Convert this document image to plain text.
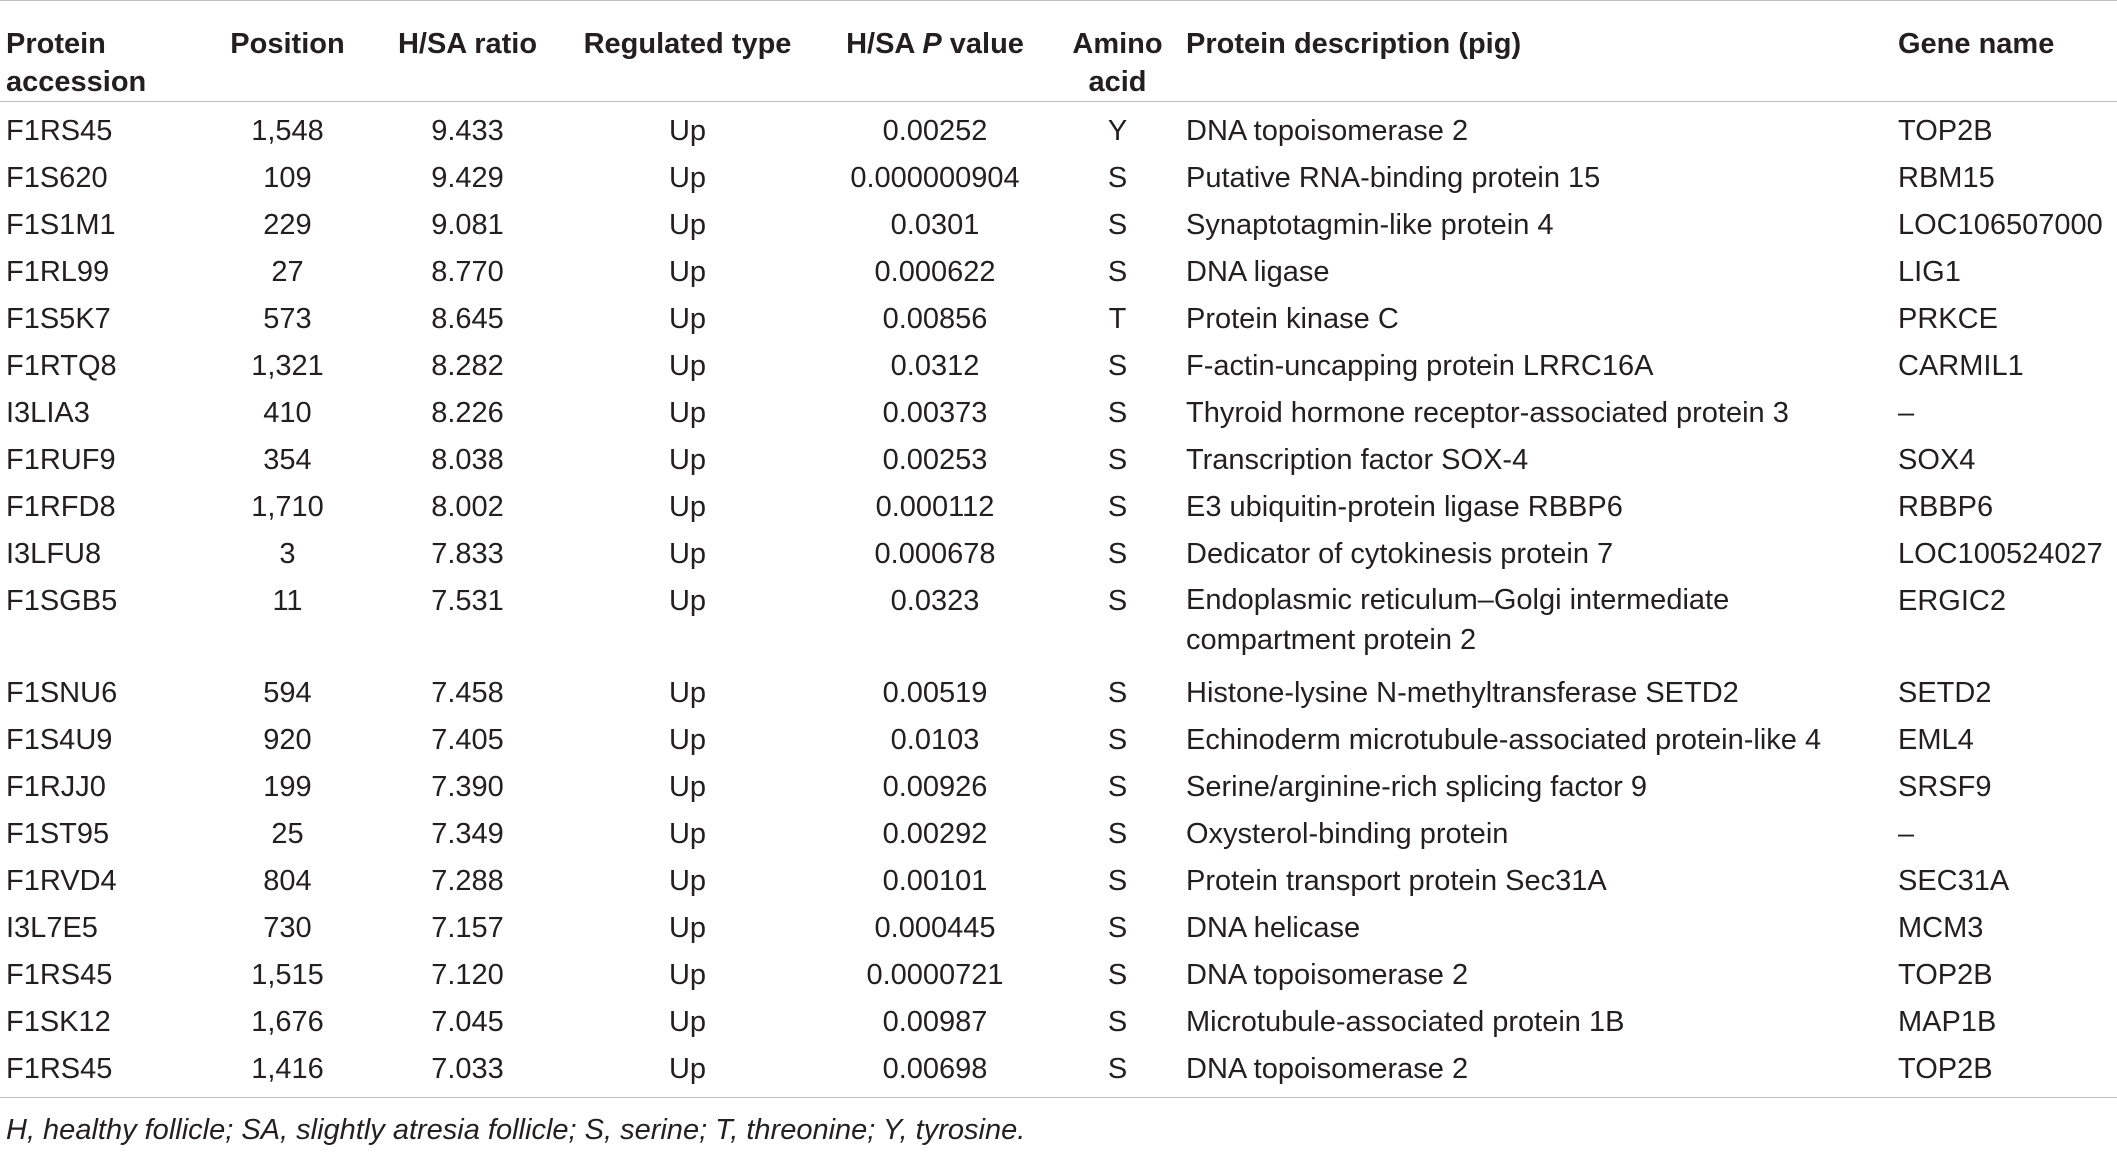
Protein accession	Position	H/SA ratio	Regulated type	H/SA P value	Amino acid	Protein description (pig)	Gene name
F1RS45	1,548	9.433	Up	0.00252	Y	DNA topoisomerase 2	TOP2B
F1S620	109	9.429	Up	0.000000904	S	Putative RNA-binding protein 15	RBM15
F1S1M1	229	9.081	Up	0.0301	S	Synaptotagmin-like protein 4	LOC106507000
F1RL99	27	8.770	Up	0.000622	S	DNA ligase	LIG1
F1S5K7	573	8.645	Up	0.00856	T	Protein kinase C	PRKCE
F1RTQ8	1,321	8.282	Up	0.0312	S	F-actin-uncapping protein LRRC16A	CARMIL1
I3LIA3	410	8.226	Up	0.00373	S	Thyroid hormone receptor-associated protein 3	–
F1RUF9	354	8.038	Up	0.00253	S	Transcription factor SOX-4	SOX4
F1RFD8	1,710	8.002	Up	0.000112	S	E3 ubiquitin-protein ligase RBBP6	RBBP6
I3LFU8	3	7.833	Up	0.000678	S	Dedicator of cytokinesis protein 7	LOC100524027
F1SGB5	11	7.531	Up	0.0323	S	Endoplasmic reticulum–Golgi intermediate compartment protein 2	ERGIC2
F1SNU6	594	7.458	Up	0.00519	S	Histone-lysine N-methyltransferase SETD2	SETD2
F1S4U9	920	7.405	Up	0.0103	S	Echinoderm microtubule-associated protein-like 4	EML4
F1RJJ0	199	7.390	Up	0.00926	S	Serine/arginine-rich splicing factor 9	SRSF9
F1ST95	25	7.349	Up	0.00292	S	Oxysterol-binding protein	–
F1RVD4	804	7.288	Up	0.00101	S	Protein transport protein Sec31A	SEC31A
I3L7E5	730	7.157	Up	0.000445	S	DNA helicase	MCM3
F1RS45	1,515	7.120	Up	0.0000721	S	DNA topoisomerase 2	TOP2B
F1SK12	1,676	7.045	Up	0.00987	S	Microtubule-associated protein 1B	MAP1B
F1RS45	1,416	7.033	Up	0.00698	S	DNA topoisomerase 2	TOP2B
H, healthy follicle; SA, slightly atresia follicle; S, serine; T, threonine; Y, tyrosine.
